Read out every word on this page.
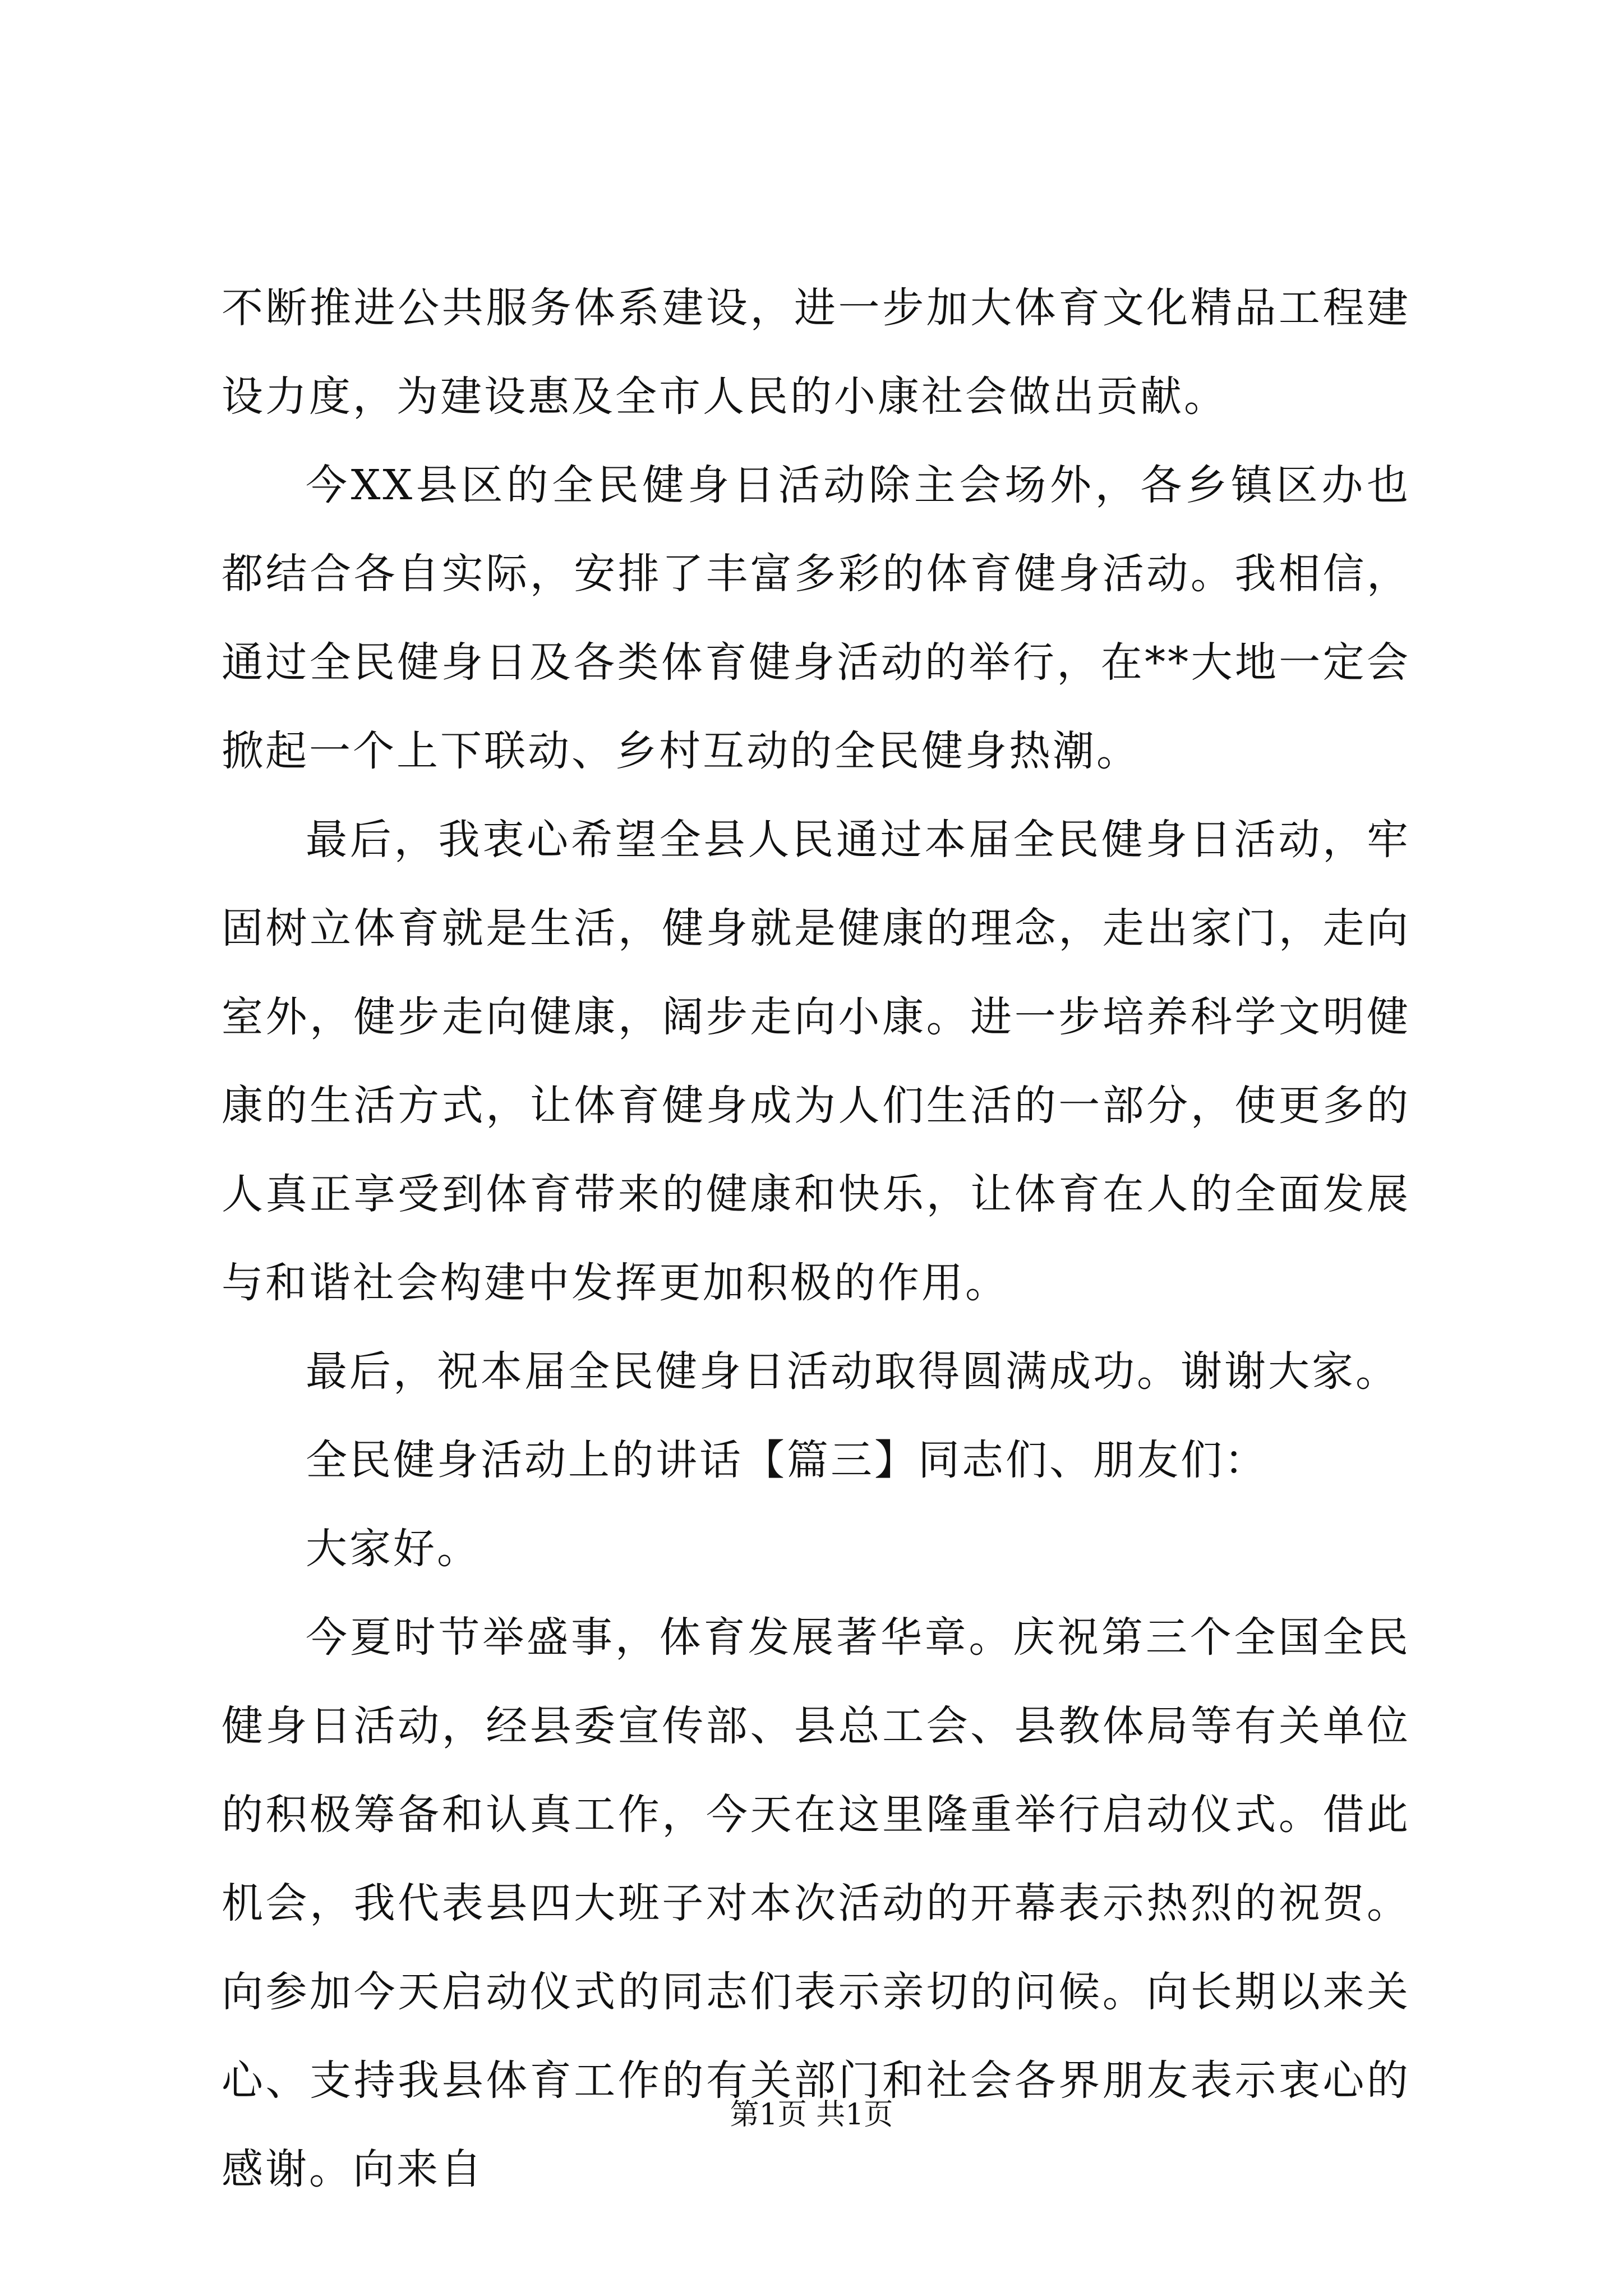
不断推进公共服务体系建设，进一步加大体育文化精品工程建设力度，为建设惠及全市人民的小康社会做出贡献。

今XX县区的全民健身日活动除主会场外，各乡镇区办也都结合各自实际，安排了丰富多彩的体育健身活动。我相信，通过全民健身日及各类体育健身活动的举行，在**大地一定会掀起一个上下联动、乡村互动的全民健身热潮。

最后，我衷心希望全县人民通过本届全民健身日活动，牢固树立体育就是生活，健身就是健康的理念，走出家门，走向室外，健步走向健康，阔步走向小康。进一步培养科学文明健康的生活方式，让体育健身成为人们生活的一部分，使更多的人真正享受到体育带来的健康和快乐，让体育在人的全面发展与和谐社会构建中发挥更加积极的作用。

最后，祝本届全民健身日活动取得圆满成功。谢谢大家。

全民健身活动上的讲话【篇三】同志们、朋友们：

大家好。

今夏时节举盛事，体育发展著华章。庆祝第三个全国全民健身日活动，经县委宣传部、县总工会、县教体局等有关单位的积极筹备和认真工作，今天在这里隆重举行启动仪式。借此机会，我代表县四大班子对本次活动的开幕表示热烈的祝贺。向参加今天启动仪式的同志们表示亲切的问候。向长期以来关心、支持我县体育工作的有关部门和社会各界朋友表示衷心的感谢。向来自

第1页 共1页
